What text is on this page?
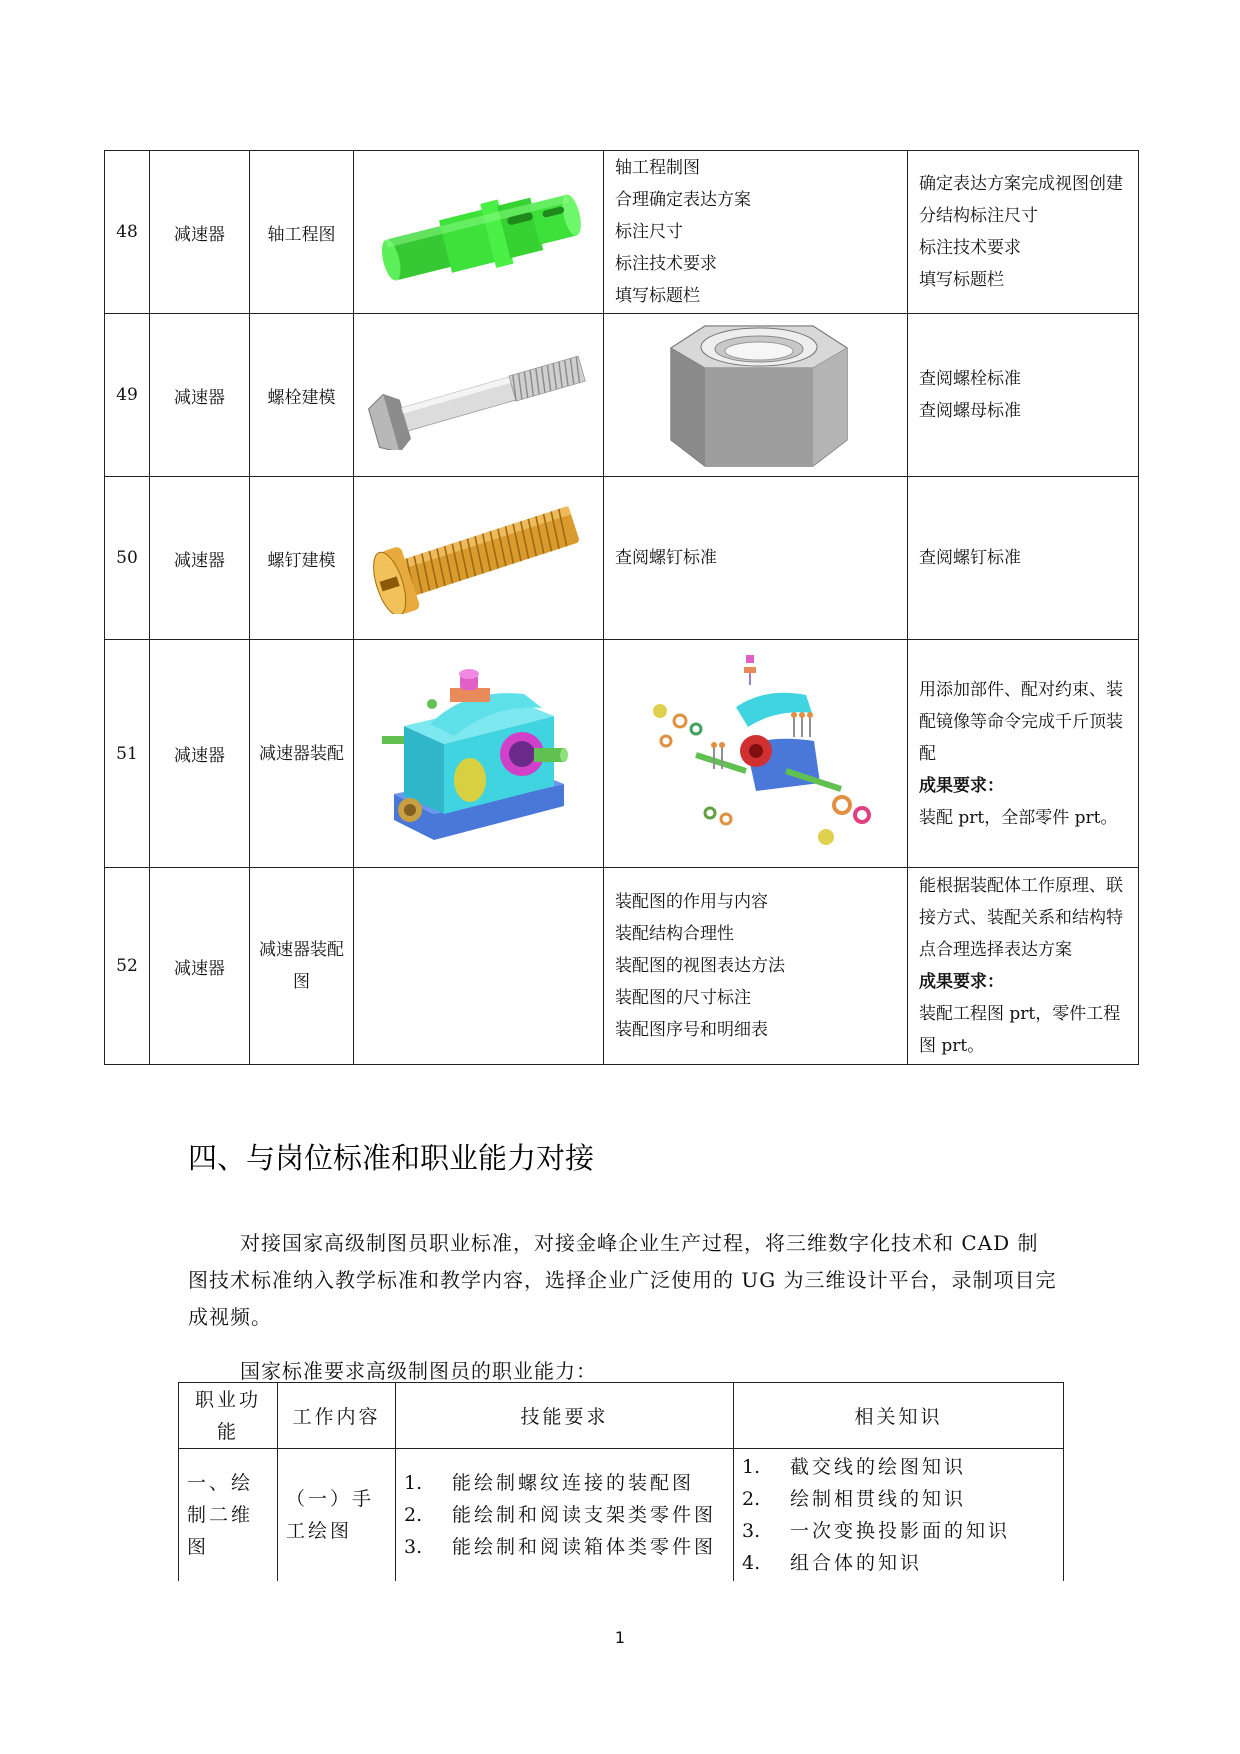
48	减速器	轴工程图		轴工程制图
合理确定表达方案
标注尺寸
标注技术要求
填写标题栏	确定表达方案完成视图创建
分结构标注尺寸
标注技术要求
填写标题栏

49	减速器	螺栓建模			查阅螺栓标准
查阅螺母标准

50	减速器	螺钉建模		查阅螺钉标准	查阅螺钉标准

51	减速器	减速器装配			用添加部件、配对约束、装配镜像等命令完成千斤顶装配
成果要求：
装配 prt，全部零件 prt。

52	减速器	减速器装配图		装配图的作用与内容
装配结构合理性
装配图的视图表达方法
装配图的尺寸标注
装配图序号和明细表	能根据装配体工作原理、联接方式、装配关系和结构特点合理选择表达方案
成果要求：
装配工程图 prt，零件工程图 prt。
四、与岗位标准和职业能力对接
对接国家高级制图员职业标准，对接金峰企业生产过程，将三维数字化技术和 CAD 制图技术标准纳入教学标准和教学内容，选择企业广泛使用的 UG 为三维设计平台，录制项目完成视频。
国家标准要求高级制图员的职业能力：
职业功能	工作内容	技能要求	相关知识
一、绘制二维图	（一）手工绘图	1. 能绘制螺纹连接的装配图
2. 能绘制和阅读支架类零件图
3. 能绘制和阅读箱体类零件图	1. 截交线的绘图知识
2. 绘制相贯线的知识
3. 一次变换投影面的知识
4. 组合体的知识
1
